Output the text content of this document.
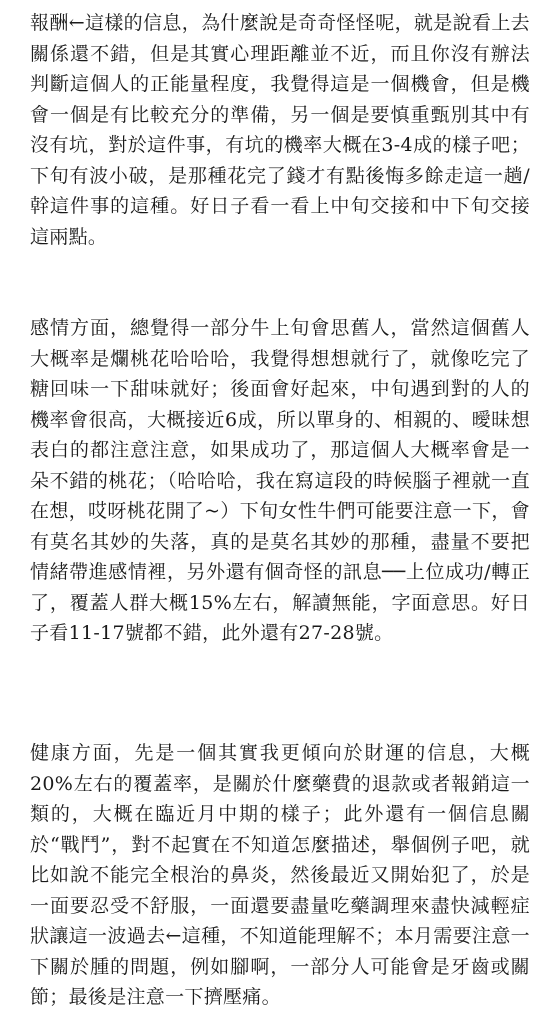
報酬←這樣的信息，為什麼說是奇奇怪怪呢，就是說看上去關係還不錯，但是其實心理距離並不近，而且你沒有辦法判斷這個人的正能量程度，我覺得這是一個機會，但是機會一個是有比較充分的準備，另一個是要慎重甄別其中有沒有坑，對於這件事，有坑的機率大概在3-4成的樣子吧；下旬有波小破，是那種花完了錢才有點後悔多餘走這一趟/幹這件事的這種。好日子看一看上中旬交接和中下旬交接這兩點。

感情方面，總覺得一部分牛上旬會思舊人，當然這個舊人大概率是爛桃花哈哈哈，我覺得想想就行了，就像吃完了糖回味一下甜味就好；後面會好起來，中旬遇到對的人的機率會很高，大概接近6成，所以單身的、相親的、曖昧想表白的都注意注意，如果成功了，那這個人大概率會是一朵不錯的桃花；（哈哈哈，我在寫這段的時候腦子裡就一直在想，哎呀桃花開了~）下旬女性牛們可能要注意一下，會有莫名其妙的失落，真的是莫名其妙的那種，盡量不要把情緒帶進感情裡，另外還有個奇怪的訊息──上位成功/轉正了，覆蓋人群大概15%左右，解讀無能，字面意思。好日子看11-17號都不錯，此外還有27-28號。

健康方面，先是一個其實我更傾向於財運的信息，大概20%左右的覆蓋率，是關於什麼藥費的退款或者報銷這一類的，大概在臨近月中期的樣子；此外還有一個信息關於“戰鬥”，對不起實在不知道怎麼描述，舉個例子吧，就比如說不能完全根治的鼻炎，然後最近又開始犯了，於是一面要忍受不舒服，一面還要盡量吃藥調理來盡快減輕症狀讓這一波過去←這種，不知道能理解不；本月需要注意一下關於腫的問題，例如腳啊，一部分人可能會是牙齒或關節；最後是注意一下擠壓痛。
